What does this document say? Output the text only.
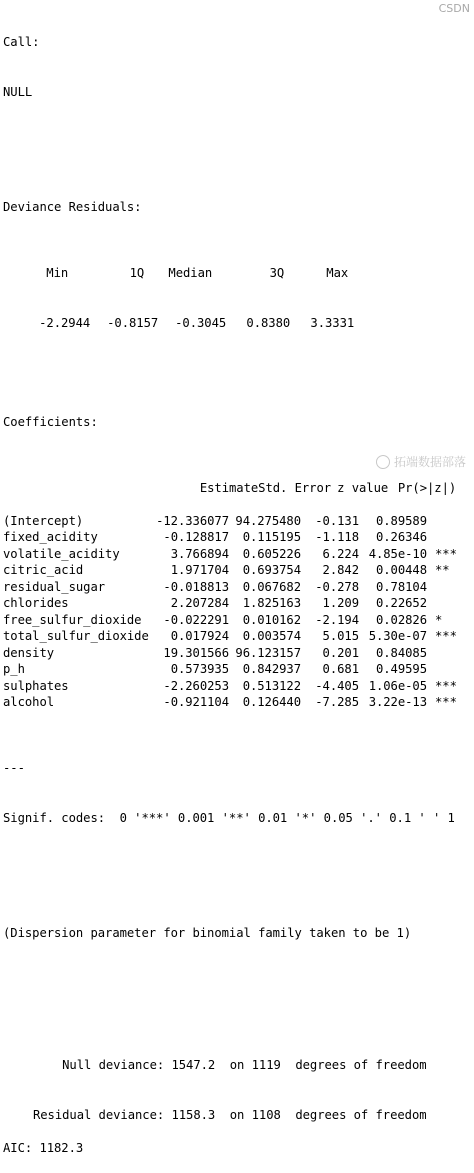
Call:

NULL

Deviance Residuals:

Min	1Q Median	3Q	Max

-2.2944 -0.8157 -0.3045 0.8380 3.3331

Coefficients:

EstimateStd. Error z value Pr(>|z|)

(Intercept)	-12.336077 94.275480 -0.131 0.89589
fixed_acidity	-0.128817 0.115195 -1.118 0.26346
volatile_acidity	3.766894 0.605226 6.224 4.85e-10 ***
citric_acid	1.971704 0.693754 2.842 0.00448 **
residual_sugar	-0.018813 0.067682 -0.278 0.78104
chlorides	2.207284 1.825163 1.209 0.22652
free_sulfur_dioxide -0.022291 0.010162 -2.194 0.02826 *
total_sulfur_dioxide 0.017924 0.003574 5.015 5.30e-07 ***
density	19.301566 96.123157 0.201 0.84085
p_h	0.573935 0.842937 0.681 0.49595
sulphates	-2.260253 0.513122 -4.405 1.06e-05 ***
alcohol	-0.921104 0.126440 -7.285 3.22e-13 ***

---

Signif. codes:  0 '***' 0.001 '**' 0.01 '*' 0.05 '.' 0.1 ' ' 1

(Dispersion parameter for binomial family taken to be 1)

Null deviance: 1547.2  on 1119  degrees of freedom

Residual deviance: 1158.3  on 1108  degrees of freedom

AIC: 1182.3

CSDN
拓端数据部落
